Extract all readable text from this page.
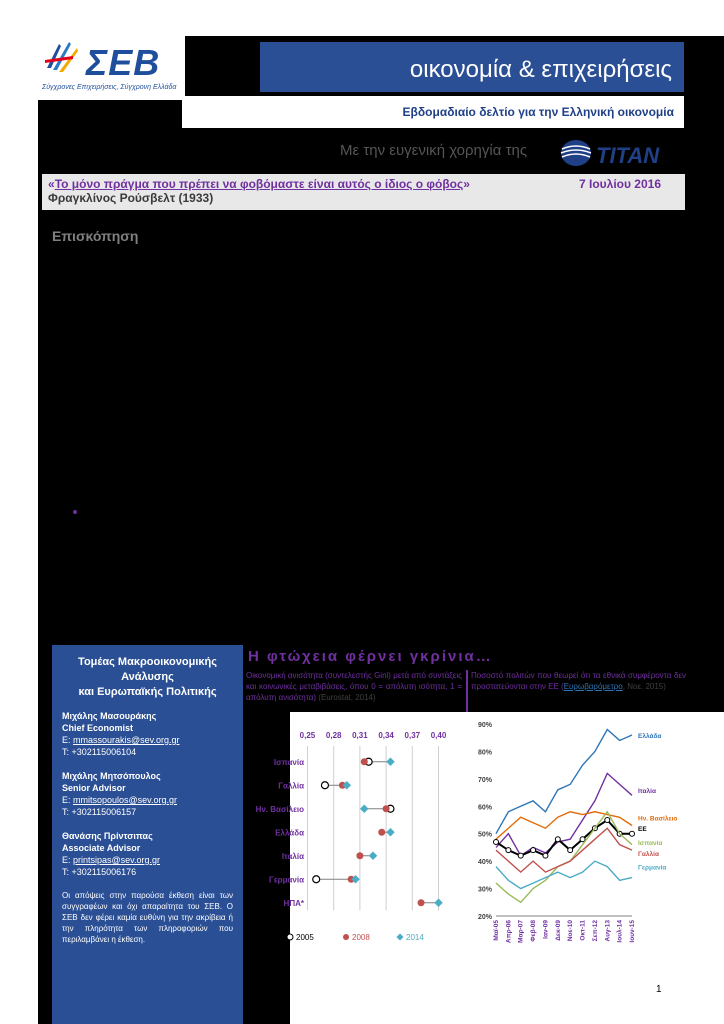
ΣΕΒ
Σύγχρονες Επιχειρήσεις, Σύγχρονη Ελλάδα
οικονομία & επιχειρήσεις
Εβδομαδιαίο δελτίο για την Ελληνική οικονομία
Με την ευγενική χορηγία της	TITAN
«Το μόνο πράγμα που πρέπει να φοβόμαστε είναι αυτός ο ίδιος ο φόβος»	7 Ιουλίου 2016
Φραγκλίνος Ρούσβελτ (1933)
Επισκόπηση
Τομέας Μακροοικονομικής
Ανάλυσης
και Ευρωπαϊκής Πολιτικής
Μιχάλης Μασουράκης
Chief Economist
E: mmassourakis@sev.org.gr
T: +302115006104
Μιχάλης Μητσόπουλος
Senior Advisor
E: mmitsopoulos@sev.org.gr
T: +302115006157
Θανάσης Πρίντσιπας
Associate Advisor
E: printsipas@sev.org.gr
T: +302115006176
Οι απόψεις στην παρούσα έκθεση είναι των συγγραφέων και όχι απαραίτητα του ΣΕΒ. Ο ΣΕΒ δεν φέρει καμία ευθύνη για την ακρίβεια ή την πληρότητα των πληροφοριών που περιλαμβάνει η έκθεση.
Η φτώχεια φέρνει γκρίνια…
Οικονομική ανισότητα (συντελεστής Gini) μετά από συντάξεις και κοινωνικές μεταβιβάσεις, όπου 0 = απόλυτη ισότητα, 1 = απόλυτη ανισότητα) (Eurostat, 2014)
Ποσοστό πολιτών που θεωρεί ότι τα εθνικά συμφέροντα δεν προστατεύονται στην ΕΕ (Ευρωβαρόμετρο, Νοε. 2015)
0,25 0,28 0,31 0,34 0,37 0,40
Ισπανία
Γαλλία
Ην. Βασίλειο
Ελλάδα
Ιταλία
Γερμανία
ΗΠΑ*
2005	2008	2014
20%
30%
40%
50%
60%
70%
80%
90%
Μαϊ-05 Απρ-06 Μαρ-07 Φεβ-08 Ιαν-09 Δεκ-09 Νοε-10 Οκτ-11 Σεπ-12 Αυγ-13 Ιουλ-14 Ιουν-15
Ελλάδα
Ιταλία
Ην. Βασίλειο
ΕΕ
Ισπανία
Γαλλία
Γερμανία
1
